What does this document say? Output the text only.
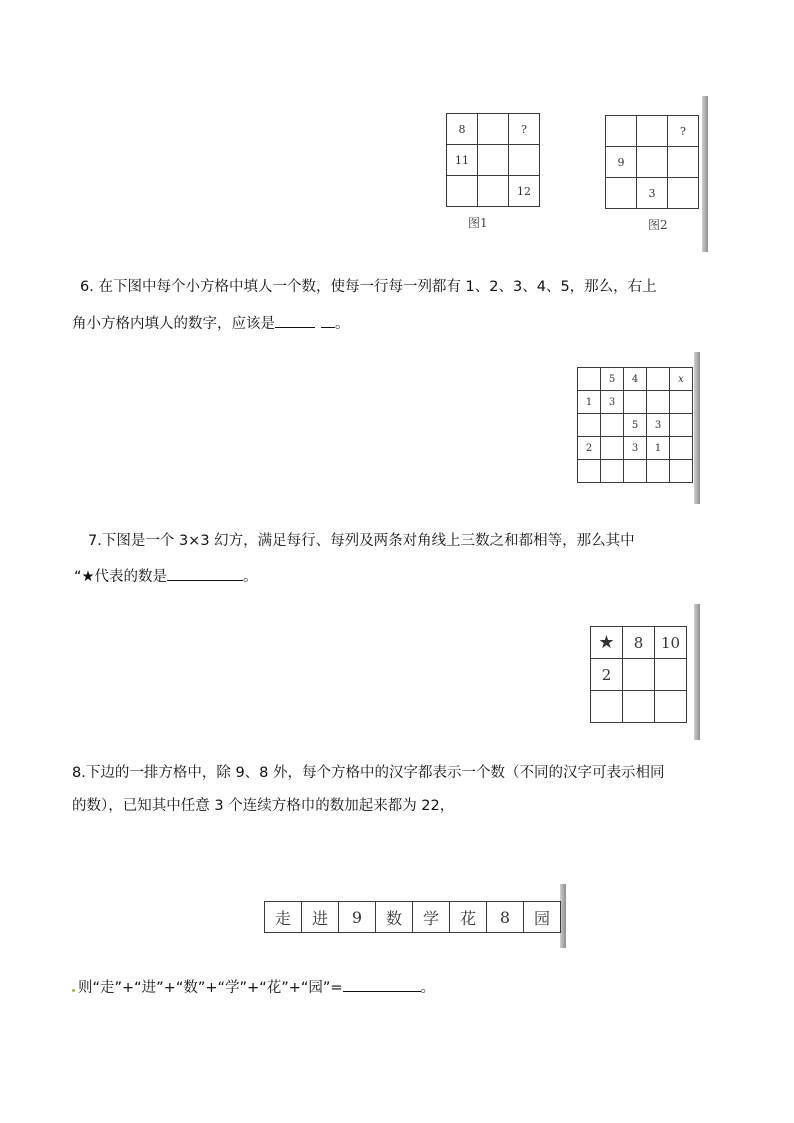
8		?
11		
		12
图1
		?
9		
	3	
图2
6. 在下图中每个小方格中填人一个数，使每一行每一列都有 1、2、3、4、5，那么，右上
角小方格内填人的数字，应该是	。
	5	4		x
1	3			
		5	3	
2		3	1	

7.下图是一个 3×3 幻方，满足每行、每列及两条对角线上三数之和都相等，那么其中
“★代表的数是	。
★	8	10
2		

8.下边的一排方格中，除 9、8 外，每个方格中的汉字都表示一个数（不同的汉字可表示相同
的数），已知其中任意 3 个连续方格巾的数加起来都为 22，
走	进	9	数	学	花	8	园
则“走”+“进”+“数”+“学”+“花”+“园”=	。
